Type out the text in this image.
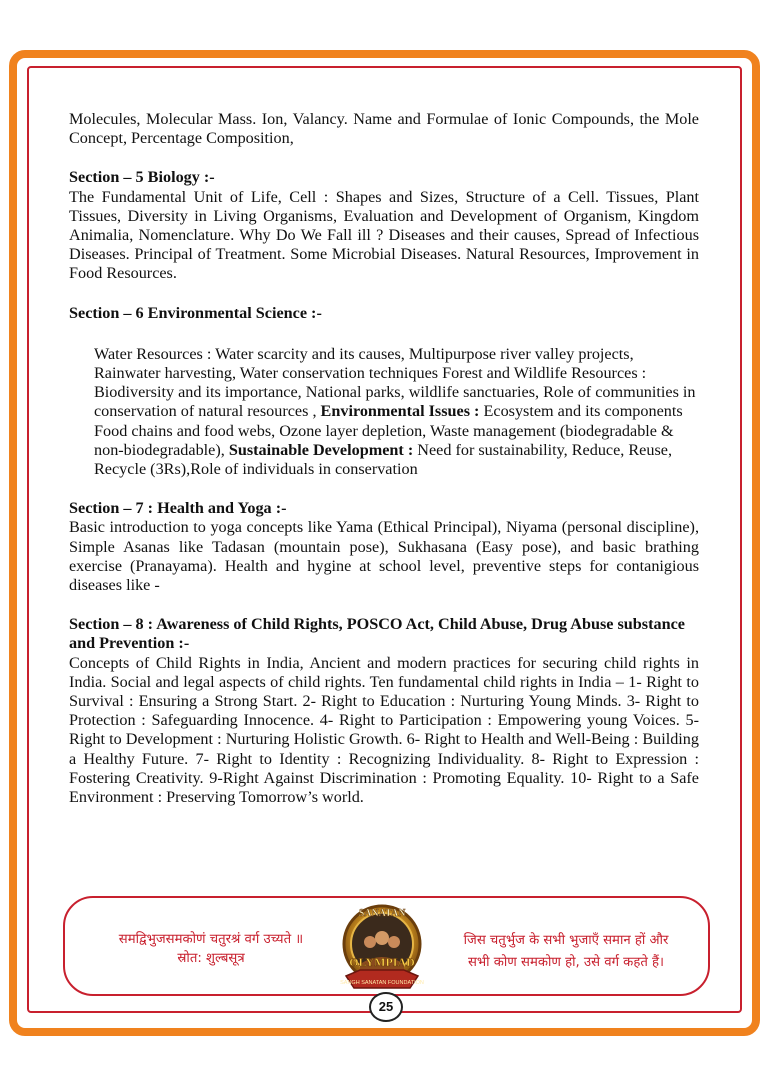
Molecules, Molecular Mass. Ion, Valancy. Name and Formulae of Ionic Compounds, the Mole Concept, Percentage Composition,

Section – 5 Biology :-

The Fundamental Unit of Life, Cell : Shapes and Sizes, Structure of a Cell. Tissues, Plant Tissues, Diversity in Living Organisms, Evaluation and Development of Organism, Kingdom Animalia, Nomenclature. Why Do We Fall ill ? Diseases and their causes, Spread of Infectious Diseases. Principal of Treatment. Some Microbial Diseases. Natural Resources, Improvement in Food Resources.

Section – 6 Environmental Science :-

Water Resources : Water scarcity and its causes, Multipurpose river valley projects, Rainwater harvesting, Water conservation techniques Forest and Wildlife Resources : Biodiversity and its importance, National parks, wildlife sanctuaries, Role of communities in conservation of natural resources , Environmental Issues : Ecosystem and its components Food chains and food webs, Ozone layer depletion, Waste management (biodegradable & non-biodegradable), Sustainable Development : Need for sustainability, Reduce, Reuse, Recycle (3Rs),Role of individuals in conservation

Section – 7 : Health and Yoga :-

Basic introduction to yoga concepts like Yama (Ethical Principal), Niyama (personal discipline), Simple Asanas like Tadasan (mountain pose), Sukhasana (Easy pose), and basic brathing exercise (Pranayama). Health and hygine at school level, preventive steps for contanigious diseases like -

Section – 8 : Awareness of Child Rights, POSCO Act, Child Abuse, Drug Abuse substance and Prevention :-

Concepts of Child Rights in India, Ancient and modern practices for securing child rights in India. Social and legal aspects of child rights. Ten fundamental child rights in India – 1- Right to Survival : Ensuring a Strong Start. 2- Right to Education : Nurturing Young Minds. 3- Right to Protection : Safeguarding Innocence. 4- Right to Participation : Empowering young Voices. 5- Right to Development : Nurturing Holistic Growth. 6- Right to Health and Well-Being : Building a Healthy Future. 7- Right to Identity : Recognizing Individuality. 8- Right to Expression : Fostering Creativity. 9-Right Against Discrimination : Promoting Equality. 10- Right to a Safe Environment : Preserving Tomorrow’s world.

समद्विभुजसमकोणं चतुरश्रं वर्ग उच्यते ॥
स्रोत: शुल्बसूत्र
SANGH SANATAN FOUNDATION
SANATAN
OLYMPIAD
जिस चतुर्भुज के सभी भुजाएँ समान हों और
सभी कोण समकोण हो, उसे वर्ग कहते हैं।
25
